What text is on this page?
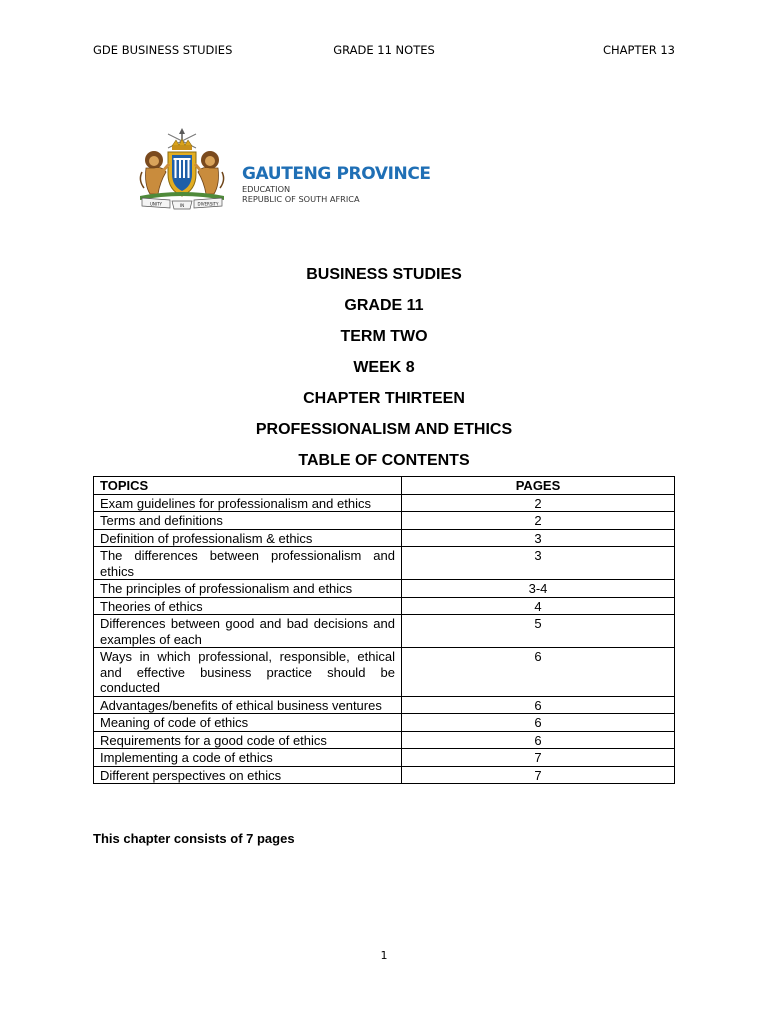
GDE BUSINESS STUDIES	GRADE 11 NOTES	CHAPTER 13
UNITY	DIVERSITY
IN
GAUTENG PROVINCE
EDUCATION
REPUBLIC OF SOUTH AFRICA
BUSINESS STUDIES
GRADE 11
TERM TWO
WEEK 8
CHAPTER THIRTEEN
PROFESSIONALISM AND ETHICS
TABLE OF CONTENTS
TOPICS	PAGES
Exam guidelines for professionalism and ethics	2
Terms and definitions	2
Definition of professionalism & ethics	3
The differences between professionalism and ethics	3
The principles of professionalism and ethics	3-4
Theories of ethics	4
Differences between good and bad decisions and examples of each	5
Ways in which professional, responsible, ethical and effective business practice should be conducted	6
Advantages/benefits of ethical business ventures	6
Meaning of code of ethics	6
Requirements for a good code of ethics	6
Implementing a code of ethics	7
Different perspectives on ethics	7
This chapter consists of 7 pages
1
